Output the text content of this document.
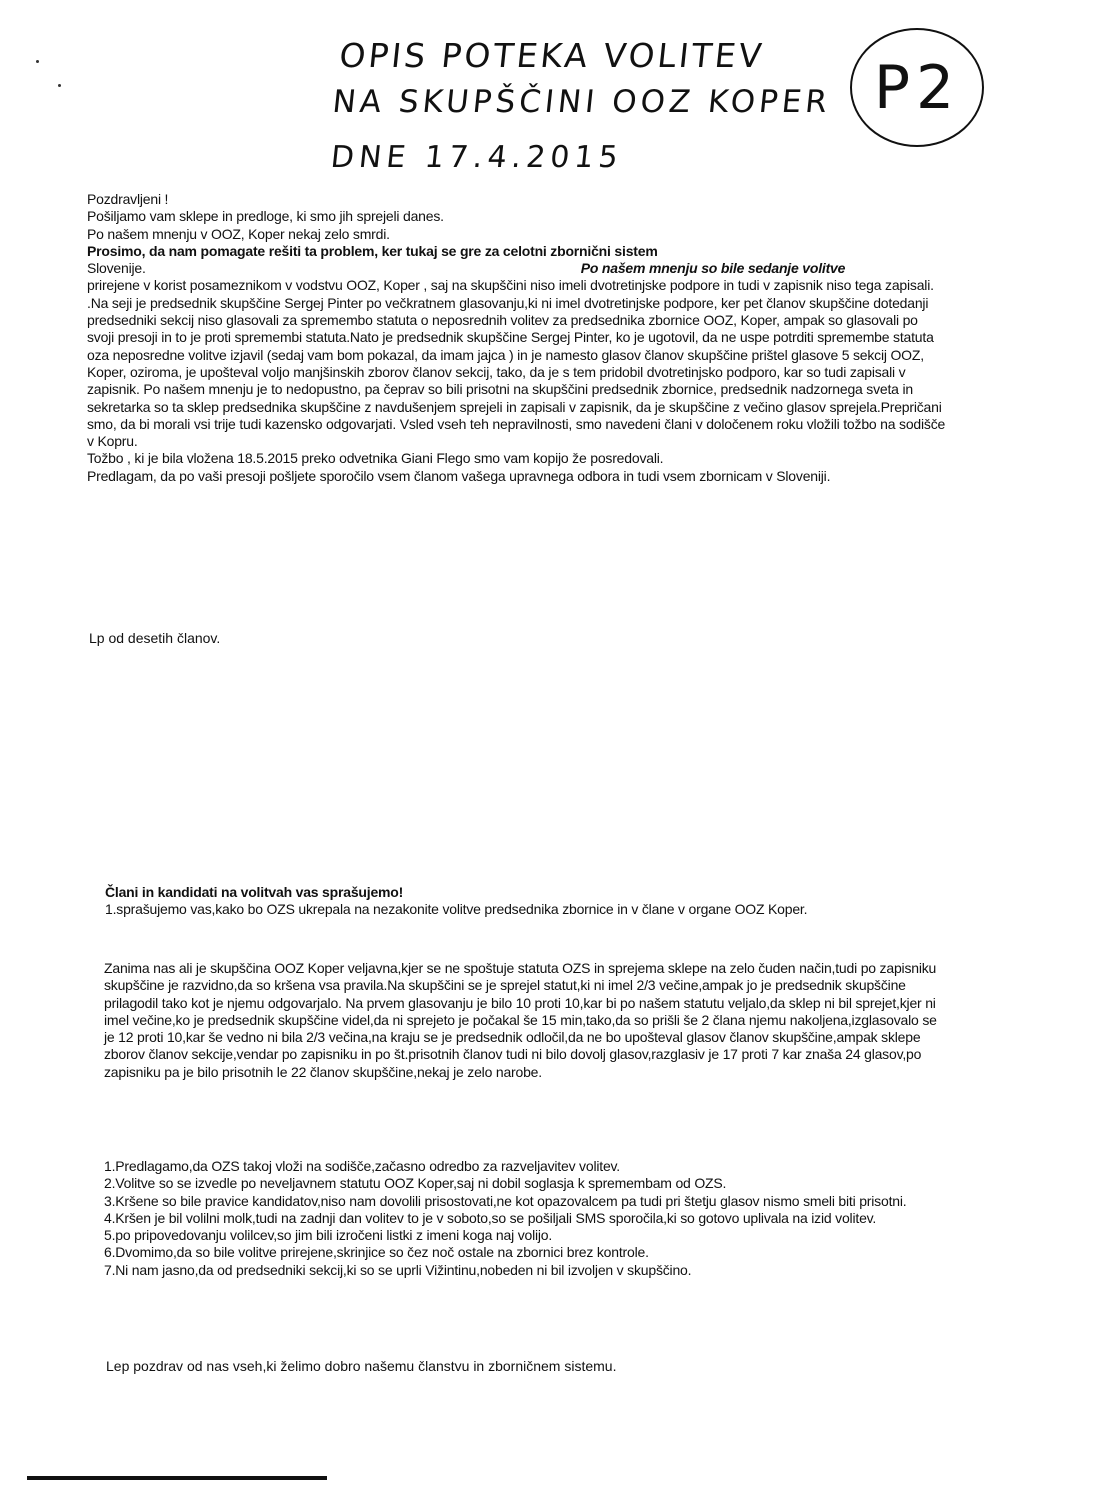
OPIS POTEKA VOLITEV
NA SKUPŠČINI OOZ KOPER
DNE 17.4.2015
P2

Pozdravljeni !

Pošiljamo vam sklepe in predloge, ki smo jih sprejeli danes.

Po našem mnenju v OOZ, Koper nekaj zelo smrdi.

Prosimo, da nam pomagate rešiti ta problem, ker tukaj se gre za celotni zbornični sistem

Slovenije.	Po našem mnenju so bile sedanje volitve

prirejene v korist posameznikom v vodstvu OOZ, Koper , saj na skupščini niso imeli dvotretinjske podpore in tudi v zapisnik niso tega zapisali.

.Na seji je predsednik skupščine Sergej Pinter po večkratnem glasovanju,ki ni imel dvotretinjske podpore, ker pet članov skupščine dotedanji predsedniki sekcij niso glasovali za spremembo statuta o neposrednih volitev za predsednika zbornice OOZ, Koper, ampak so glasovali po svoji presoji in to je proti spremembi statuta.Nato je predsednik skupščine Sergej Pinter, ko je ugotovil, da ne uspe potrditi spremembe statuta oza neposredne volitve izjavil (sedaj vam bom pokazal, da imam jajca ) in je namesto glasov članov skupščine prištel glasove 5 sekcij OOZ, Koper, oziroma, je upošteval voljo manjšinskih zborov članov sekcij, tako, da je s tem pridobil dvotretinjsko podporo, kar so tudi zapisali v zapisnik. Po našem mnenju je to nedopustno, pa čeprav so bili prisotni na skupščini predsednik zbornice, predsednik nadzornega sveta in sekretarka so ta sklep predsednika skupščine z navdušenjem sprejeli in zapisali v zapisnik, da je skupščine z večino glasov sprejela.Prepričani smo, da bi morali vsi trije tudi kazensko odgovarjati. Vsled vseh teh nepravilnosti, smo navedeni člani v določenem roku vložili tožbo na sodišče v Kopru.

Tožbo , ki je bila vložena 18.5.2015 preko odvetnika Giani Flego smo vam kopijo že posredovali.

Predlagam, da po vaši presoji pošljete sporočilo vsem članom vašega upravnega odbora in tudi vsem zbornicam v Sloveniji.

Lp od desetih članov.

Člani in kandidati na volitvah vas sprašujemo!

1.sprašujemo vas,kako bo OZS ukrepala na nezakonite volitve predsednika zbornice in v člane v organe OOZ Koper.

Zanima nas ali je skupščina OOZ Koper veljavna,kjer se ne spoštuje statuta OZS in sprejema sklepe na zelo čuden način,tudi po zapisniku skupščine je razvidno,da so kršena vsa pravila.Na skupščini se je sprejel statut,ki ni imel 2/3 večine,ampak jo je predsednik skupščine prilagodil tako kot je njemu odgovarjalo. Na prvem glasovanju je bilo 10 proti 10,kar bi po našem statutu veljalo,da sklep ni bil sprejet,kjer ni imel večine,ko je predsednik skupščine videl,da ni sprejeto je počakal še 15 min,tako,da so prišli še 2 člana njemu nakoljena,izglasovalo se je 12 proti 10,kar še vedno ni bila 2/3 večina,na kraju se je predsednik odločil,da ne bo upošteval glasov članov skupščine,ampak sklepe zborov članov sekcije,vendar po zapisniku in po št.prisotnih članov tudi ni bilo dovolj glasov,razglasiv je 17 proti 7 kar znaša 24 glasov,po zapisniku pa je bilo prisotnih le 22 članov skupščine,nekaj je zelo narobe.

1.Predlagamo,da OZS takoj vloži na sodišče,začasno odredbo za razveljavitev volitev.

2.Volitve so se izvedle po neveljavnem statutu OOZ Koper,saj ni dobil soglasja k spremembam od OZS.

3.Kršene so bile pravice kandidatov,niso nam dovolili prisostovati,ne kot opazovalcem pa tudi pri štetju glasov nismo smeli biti prisotni.

4.Kršen je bil volilni molk,tudi na zadnji dan volitev to je v soboto,so se pošiljali SMS sporočila,ki so gotovo uplivala na izid volitev.

5.po pripovedovanju volilcev,so jim bili izročeni listki z imeni koga naj volijo.

6.Dvomimo,da so bile volitve prirejene,skrinjice so čez noč ostale na zbornici brez kontrole.

7.Ni nam jasno,da od predsedniki sekcij,ki so se uprli Vižintinu,nobeden ni bil izvoljen v skupščino.

Lep pozdrav od nas vseh,ki želimo dobro našemu članstvu in zborničnem sistemu.
